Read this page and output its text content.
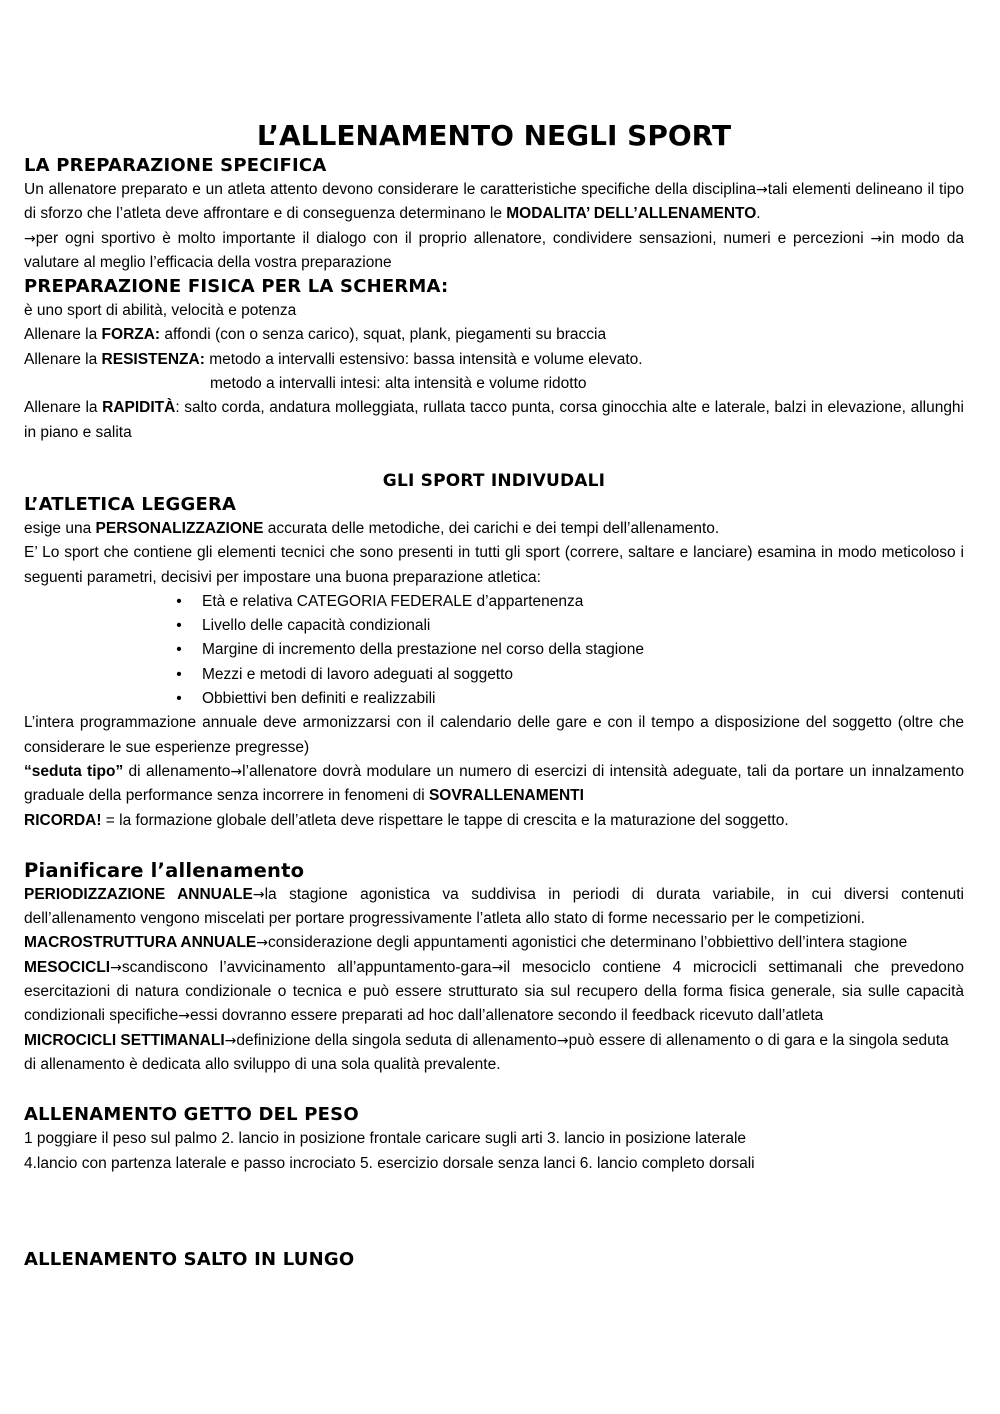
L’ALLENAMENTO NEGLI SPORT
LA PREPARAZIONE SPECIFICA

Un allenatore preparato e un atleta attento devono considerare le caratteristiche specifiche della disciplina→tali elementi delineano il tipo di sforzo che l’atleta deve affrontare e di conseguenza determinano le MODALITA’ DELL’ALLENAMENTO.

→per ogni sportivo è molto importante il dialogo con il proprio allenatore, condividere sensazioni, numeri e percezioni →in modo da valutare al meglio l’efficacia della vostra preparazione

PREPARAZIONE FISICA PER LA SCHERMA:

è uno sport di abilità, velocità e potenza

Allenare la FORZA: affondi (con o senza carico), squat, plank, piegamenti su braccia

Allenare la RESISTENZA: metodo a intervalli estensivo: bassa intensità e volume elevato.

metodo a intervalli intesi: alta intensità e volume ridotto

Allenare la RAPIDITÀ: salto corda, andatura molleggiata, rullata tacco punta, corsa ginocchia alte e laterale, balzi in elevazione, allunghi in piano e salita

GLI SPORT INDIVUDALI
L’ATLETICA LEGGERA

esige una PERSONALIZZAZIONE accurata delle metodiche, dei carichi e dei tempi dell’allenamento.

E’ Lo sport che contiene gli elementi tecnici che sono presenti in tutti gli sport (correre, saltare e lanciare) esamina in modo meticoloso i seguenti parametri, decisivi per impostare una buona preparazione atletica:

• Età e relativa CATEGORIA FEDERALE d’appartenenza
• Livello delle capacità condizionali
• Margine di incremento della prestazione nel corso della stagione
• Mezzi e metodi di lavoro adeguati al soggetto
• Obbiettivi ben definiti e realizzabili

L’intera programmazione annuale deve armonizzarsi con il calendario delle gare e con il tempo a disposizione del soggetto (oltre che considerare le sue esperienze pregresse)

“seduta tipo” di allenamento→l’allenatore dovrà modulare un numero di esercizi di intensità adeguate, tali da portare un innalzamento graduale della performance senza incorrere in fenomeni di SOVRALLENAMENTI

RICORDA! = la formazione globale dell’atleta deve rispettare le tappe di crescita e la maturazione del soggetto.

Pianificare l’allenamento

PERIODIZZAZIONE ANNUALE→la stagione agonistica va suddivisa in periodi di durata variabile, in cui diversi contenuti dell’allenamento vengono miscelati per portare progressivamente l’atleta allo stato di forme necessario per le competizioni.

MACROSTRUTTURA ANNUALE→considerazione degli appuntamenti agonistici che determinano l’obbiettivo dell’intera stagione

MESOCICLI→scandiscono l’avvicinamento all’appuntamento-gara→il mesociclo contiene 4 microcicli settimanali che prevedono esercitazioni di natura condizionale o tecnica e può essere strutturato sia sul recupero della forma fisica generale, sia sulle capacità condizionali specifiche→essi dovranno essere preparati ad hoc dall’allenatore secondo il feedback ricevuto dall’atleta

MICROCICLI SETTIMANALI→definizione della singola seduta di allenamento→può essere di allenamento o di gara e la singola seduta di allenamento è dedicata allo sviluppo di una sola qualità prevalente.

ALLENAMENTO GETTO DEL PESO

1 poggiare il peso sul palmo 2. lancio in posizione frontale caricare sugli arti 3. lancio in posizione laterale

4.lancio con partenza laterale e passo incrociato 5. esercizio dorsale senza lanci 6. lancio completo dorsali

ALLENAMENTO SALTO IN LUNGO
